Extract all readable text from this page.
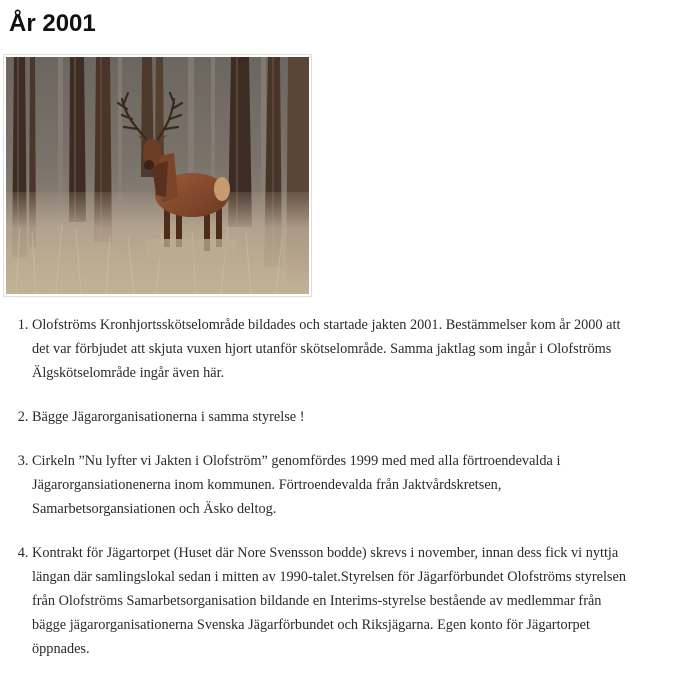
År 2001
1. Olofströms Kronhjortsskötselområde bildades och startade jakten 2001. Bestämmelser kom år 2000 att
det var förbjudet att skjuta vuxen hjort utanför skötselområde. Samma jaktlag som ingår i Olofströms
Älgskötselområde ingår även här.
2. Bägge Jägarorganisationerna i samma styrelse !
3. Cirkeln ”Nu lyfter vi Jakten i Olofström” genomfördes 1999 med med alla förtroendevalda i
Jägarorgansiationenerna inom kommunen. Förtroendevalda från Jaktvårdskretsen,
Samarbetsorgansiationen och Äsko deltog.
4. Kontrakt för Jägartorpet (Huset där Nore Svensson bodde) skrevs i november, innan dess fick vi nyttja
längan där samlingslokal sedan i mitten av 1990-talet.Styrelsen för Jägarförbundet Olofströms styrelsen
från Olofströms Samarbetsorganisation bildande en Interims-styrelse bestående av medlemmar från
bägge jägarorganisationerna Svenska Jägarförbundet och Riksjägarna. Egen konto för Jägartorpet
öppnades.
